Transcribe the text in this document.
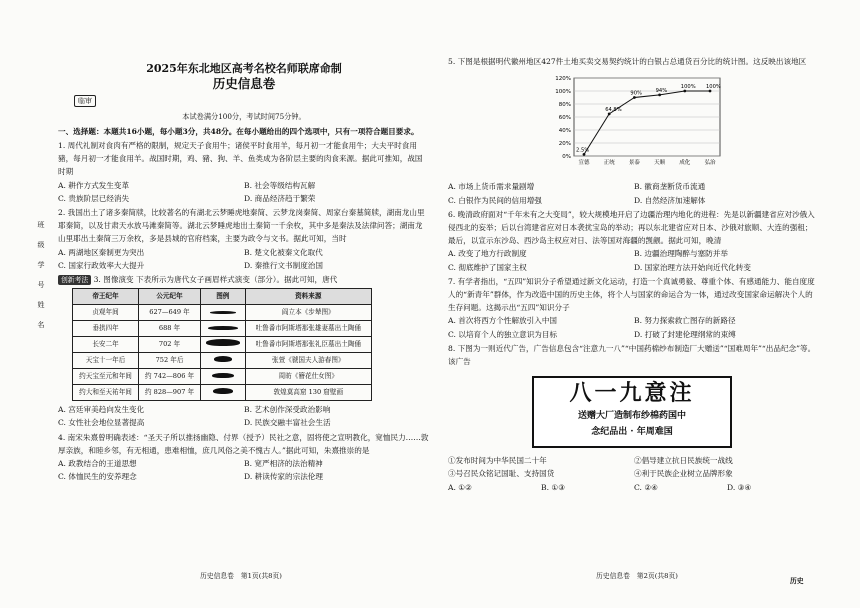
班
级
学
号
姓
名
2025年东北地区高考名校名师联席命制
历史信息卷
临审
本试卷满分100分，考试时间75分钟。
一、选择题：本题共16小题，每小题3分，共48分。在每小题给出的四个选项中，只有一项符合题目要求。
1. 周代礼制对食肉有严格的限制，规定天子食用牛；诸侯平时食用羊，每月初一才能食用牛；大夫平时食用豬，每月初一才能食用羊。战国时期，鸡、豬、狗、羊、鱼类成为各阶层主要的肉食来源。据此可推知，战国时期
A. 耕作方式发生变革	B. 社会等级结构瓦解
C. 贵族阶层已经消失	D. 商品经济趋于繁荣
2. 我国出土了诸多秦简牍，比较著名的有湖北云梦睡虎地秦简、云梦龙岗秦简、周家台秦墓简牍，湖南龙山里耶秦简，以及甘肃天水放马滩秦简等。湖北云梦睡虎地出土秦简一千余枚，其中多是秦法及法律问答；湖南龙山里耶出土秦简三万余枚，多是县城的官府档案，主要为政令与文书。据此可知，当时
A. 两湖地区秦制更为突出	B. 楚文化被秦文化取代
C. 国家行政效率大大提升	D. 秦推行文书制度治国
创新考法 3. 图像演变 下表所示为唐代女子画眉样式演变（部分）。据此可知，唐代
帝王纪年	公元纪年	图例	资料来源
贞观年间	627—649 年		阎立本《步辇图》
垂拱四年	688 年		吐鲁番市阿斯塔那张雄妻墓出土陶俑
长安二年	702 年		吐鲁番市阿斯塔那张礼臣墓出土陶俑
天宝十一年后	752 年后		张萱《虢国夫人游春图》
约天宝至元和年间	约 742—806 年		周昉《簪花仕女图》
约大和至天祐年间	约 828—907 年		敦煌莫高窟 130 窟壁画
A. 宫廷审美趋向发生变化	B. 艺术创作深受政治影响
C. 女性社会地位显著提高	D. 民族交融丰富社会生活
4. 南宋朱熹曾明确表述：“圣天子所以推扬幽隐、付界（授予）民社之意，固将使之宣明教化，宽恤民力……敦厚亲族，和睦乡邻，有无相通，患难相恤，庶几风俗之美不愧古人。”据此可知，朱熹推崇的是
A. 政教结合的王道思想	B. 宽严相济的法治精神
C. 体恤民生的安养理念	D. 耕读传家的宗法伦理
5. 下图是根据明代徽州地区427件土地买卖交易契约统计的白银占总通货百分比的统计图。这反映出该地区
0%
20%
40%
60%
80%
100%
120%
2.5%
宣德
64.8%
正统
90%
景泰
94%
天顺
100%
成化
100%
弘治
A. 市场上货币需求量剧增	B. 徽商垄断货币流通
C. 白银作为民间的信用增强	D. 自然经济加速解体
6. 晚清政府面对“千年未有之大变局”，较大规模地开启了边疆治理内地化的进程：先是以新疆建省应对沙俄入侵西北的妄举；后以台湾建省应对日本袭扰宝岛的举动；再以东北建省应对日本、沙俄对旅顺、大连的强租；最后，以宣示东沙岛、西沙岛主权应对日、法等国对海疆的觊觎。据此可知，晚清
A. 改变了地方行政制度	B. 边疆治理陶醉与塞防并举
C. 彻底维护了国家主权	D. 国家治理方法开始向近代化转变
7. 有学者指出，“五四”知识分子希望通过新文化运动，打造一个真诚勇毅、尊重个体、有感通能力、能自度度人的“新青年”群体，作为改造中国的历史主体，将个人与国家的命运合为一体，通过改变国家命运解决个人的生存问题。这揭示出“五四”知识分子
A. 首次将西方个性解放引入中国	B. 努力探索救亡图存的新路径
C. 以培育个人的独立意识为目标	D. 打破了封建伦理纲常的束缚
8. 下图为一则近代广告，广告信息包含“注意九一八”“中国药棉纱布制造厂大赠送”“国难周年”“出品纪念”等。该广告
八一九意注
送赠大厂造制布纱棉药国中
念纪品出 · 年周难国
①发布时间为中华民国二十年	②倡导建立抗日民族统一战线
③号召民众铭记国耻、支持国货	④利于民族企业树立品牌形象
A. ①②	B. ①③	C. ②④	D. ③④
历史信息卷　第1页(共8页)	历史信息卷　第2页(共8页)
历史
